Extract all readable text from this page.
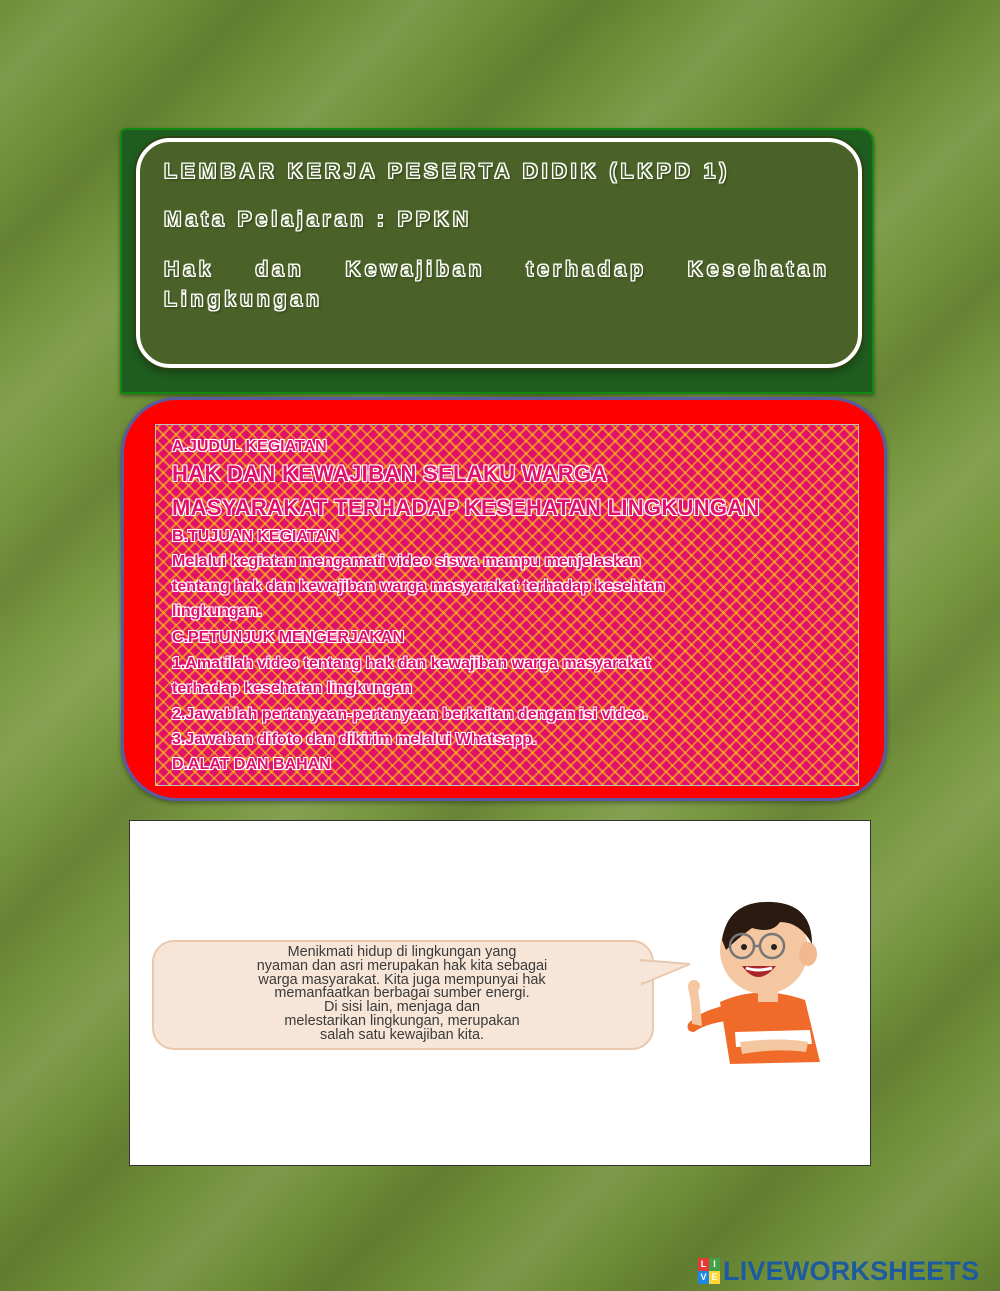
LEMBAR KERJA PESERTA DIDIK (LKPD 1)
Mata Pelajaran : PPKN
Hak dan Kewajiban terhadap Kesehatan
Lingkungan
A.JUDUL KEGIATAN
HAK DAN KEWAJIBAN SELAKU WARGA
MASYARAKAT TERHADAP KESEHATAN LINGKUNGAN
B.TUJUAN KEGIATAN
Melalui kegiatan mengamati video siswa mampu menjelaskan
tentang hak dan kewajiban warga masyarakat terhadap kesehtan
lingkungan.
C.PETUNJUK MENGERJAKAN
1.Amatilah video tentang hak dan kewajiban warga masyarakat
terhadap kesehatan lingkungan
2.Jawablah pertanyaan-pertanyaan berkaitan dengan isi video.
3.Jawaban difoto dan dikirim melalui Whatsapp.
D.ALAT DAN BAHAN
Menikmati hidup di lingkungan yang
nyaman dan asri merupakan hak kita sebagai
warga masyarakat. Kita juga mempunyai hak
memanfaatkan berbagai sumber energi.
Di sisi lain, menjaga dan
melestarikan lingkungan, merupakan
salah satu kewajiban kita.
L I
V E LIVEWORKSHEETS
